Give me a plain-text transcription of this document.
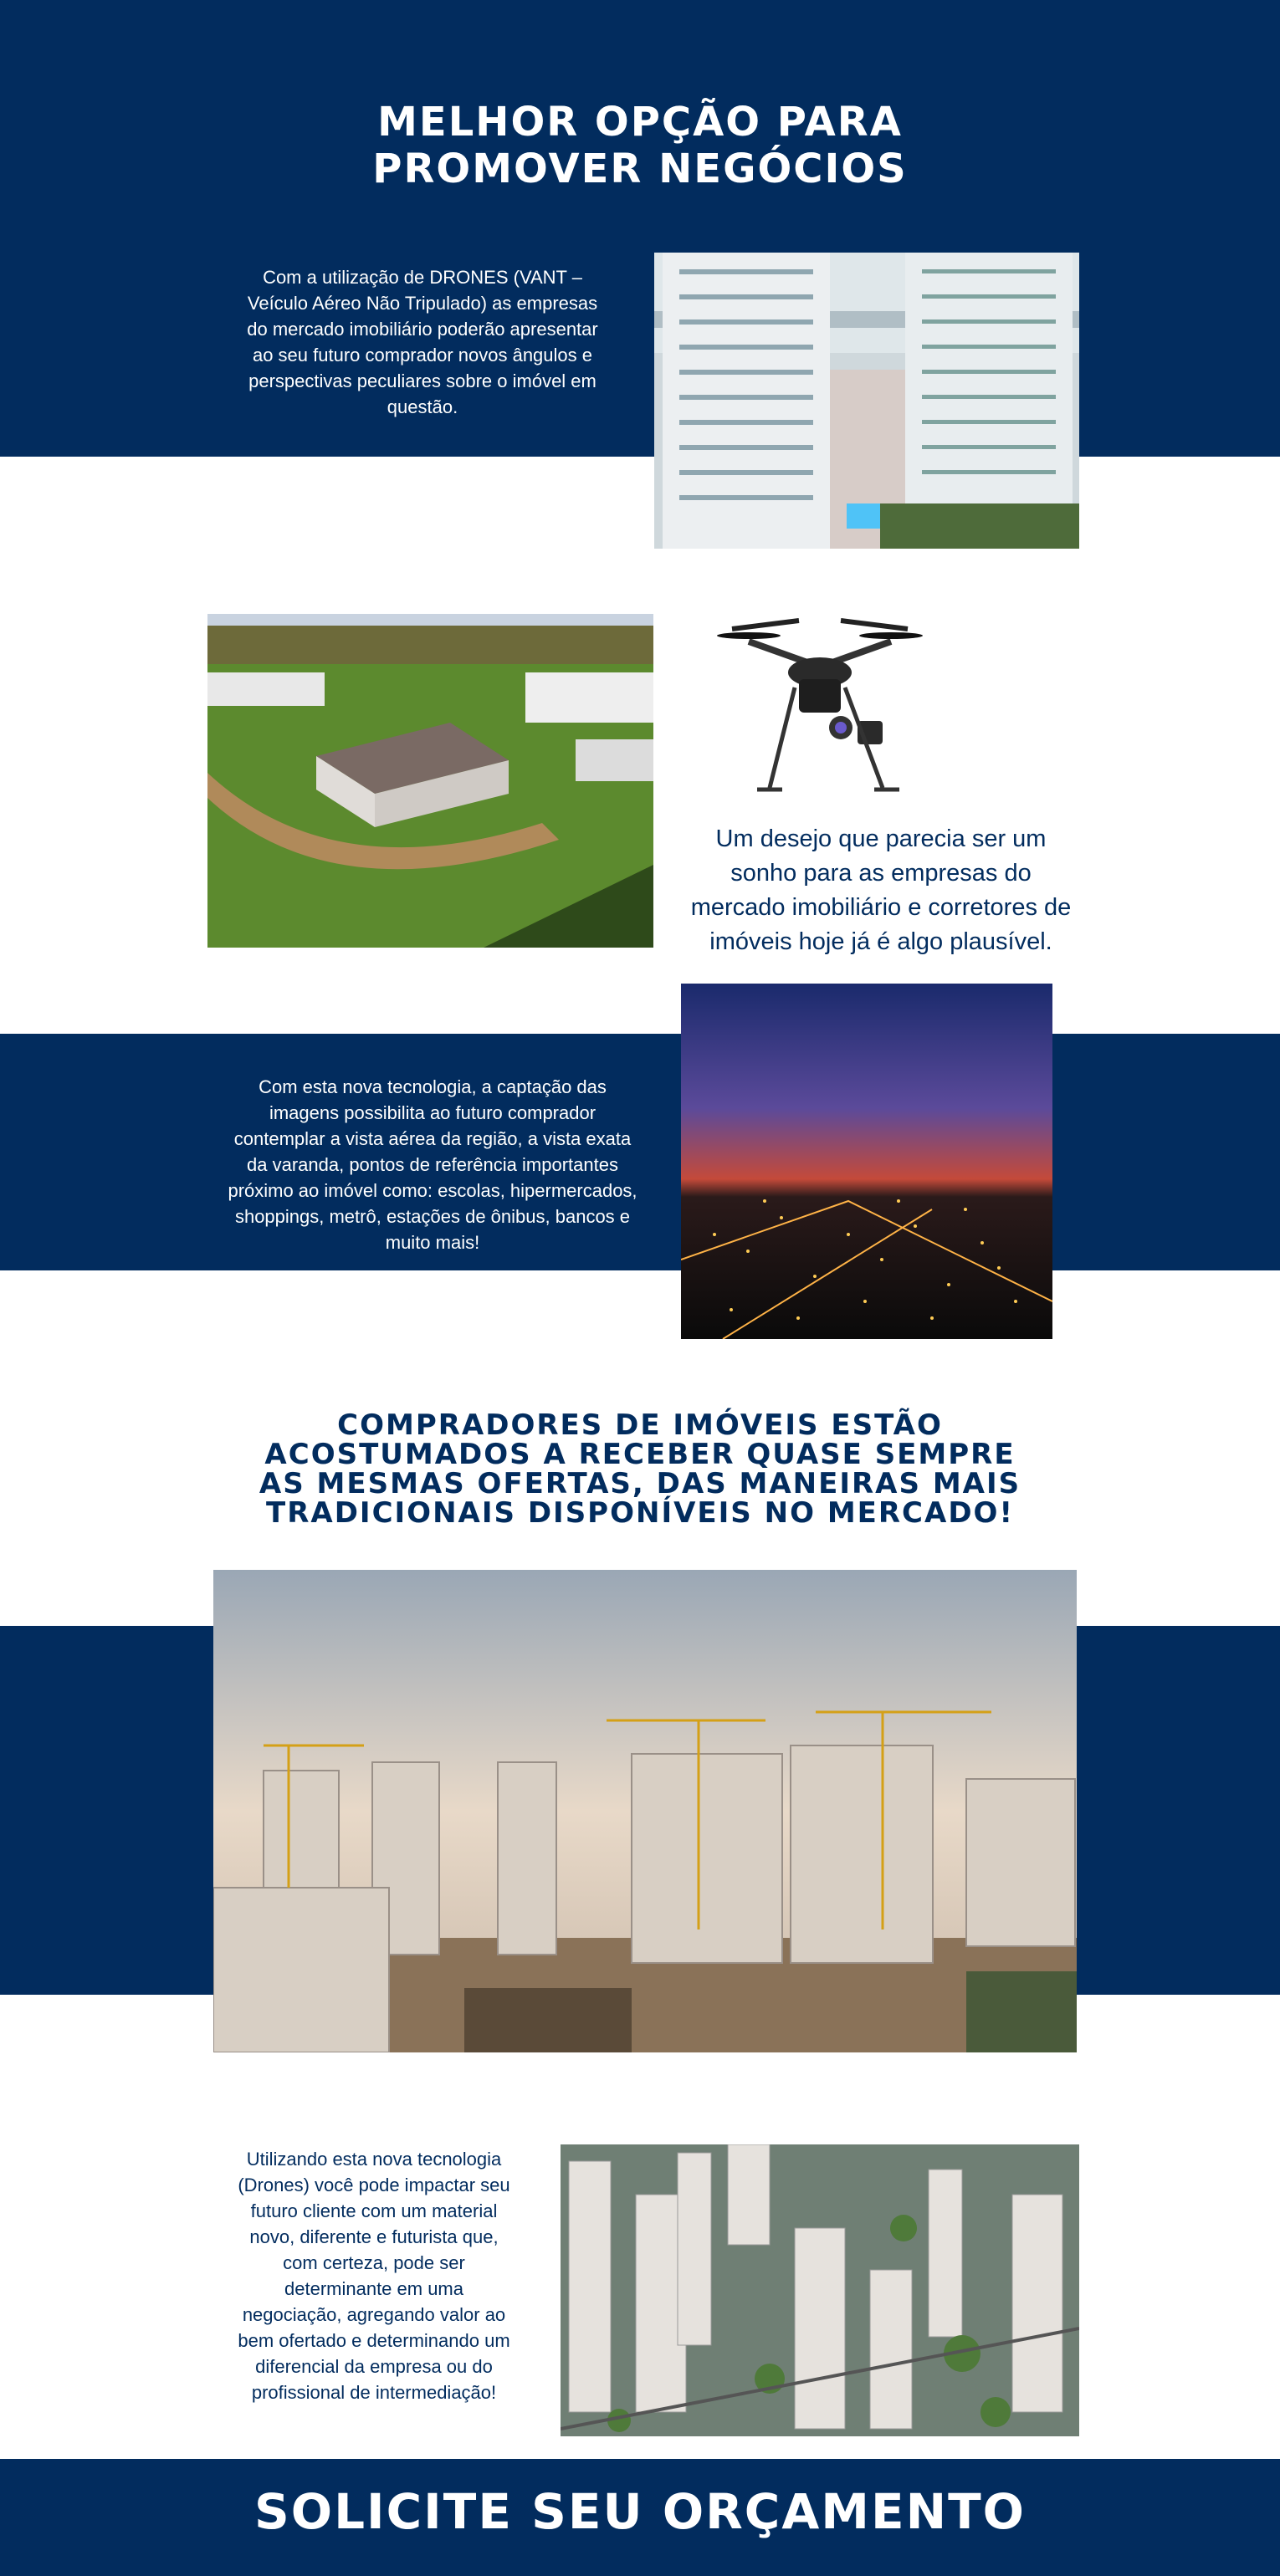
MELHOR OPÇÃO PARA PROMOVER NEGÓCIOS

Com a utilização de DRONES (VANT – Veículo Aéreo Não Tripulado) as empresas do mercado imobiliário poderão apresentar ao seu futuro comprador novos ângulos e perspectivas peculiares sobre o imóvel em questão.

Um desejo que parecia ser um sonho para as empresas do mercado imobiliário e corretores de imóveis hoje já é algo plausível.

Com esta nova tecnologia, a captação das imagens possibilita ao futuro comprador contemplar a vista aérea da região, a vista exata da varanda, pontos de referência importantes próximo ao imóvel como: escolas, hipermercados, shoppings, metrô, estações de ônibus, bancos e muito mais!

COMPRADORES DE IMÓVEIS ESTÃO ACOSTUMADOS A RECEBER QUASE SEMPRE AS MESMAS OFERTAS, DAS MANEIRAS MAIS TRADICIONAIS DISPONÍVEIS NO MERCADO!

Utilizando esta nova tecnologia (Drones) você pode impactar seu futuro cliente com um material novo, diferente e futurista que, com certeza, pode ser determinante em uma negociação, agregando valor ao bem ofertado e determinando um diferencial da empresa ou do profissional de intermediação!

SOLICITE SEU ORÇAMENTO
